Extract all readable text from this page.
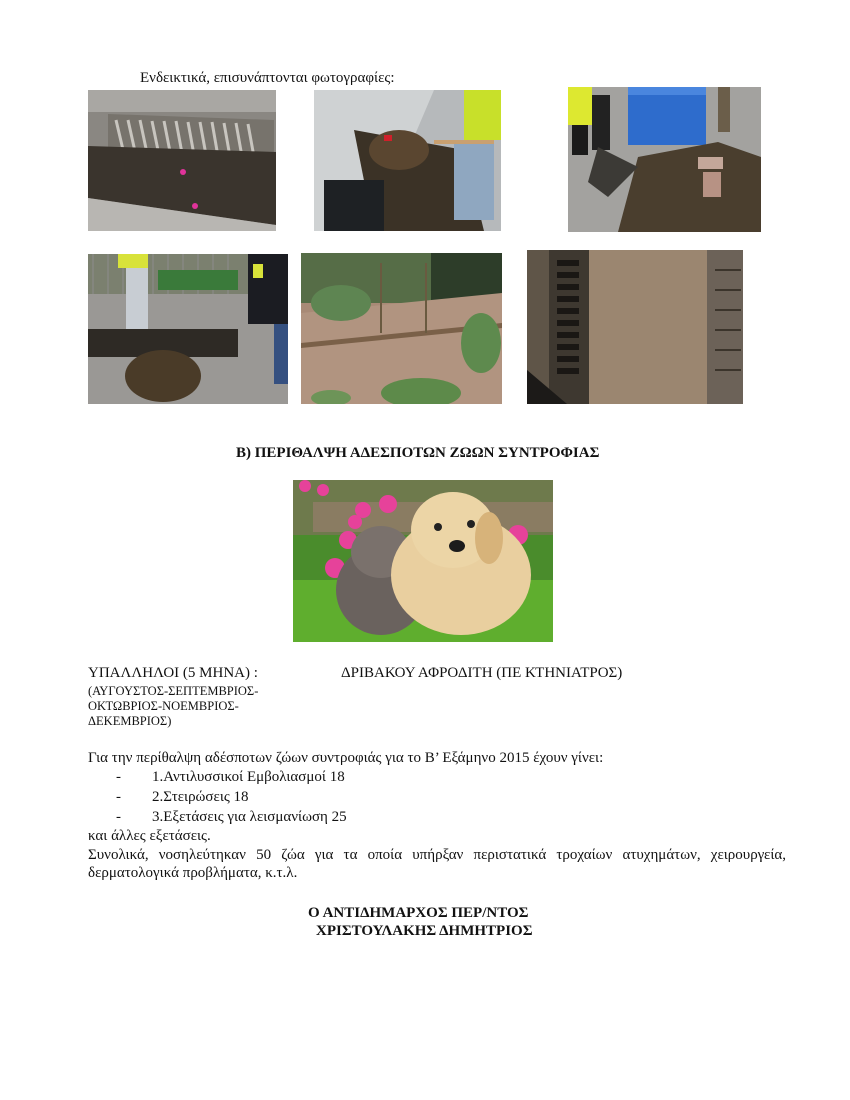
Ενδεικτικά, επισυνάπτονται φωτογραφίες:
Β) ΠΕΡΙΘΑΛΨΗ ΑΔΕΣΠΟΤΩΝ ΖΩΩΝ ΣΥΝΤΡΟΦΙΑΣ
ΥΠΑΛΛΗΛΟΙ (5 ΜΗΝΑ) :
(ΑΥΓΟΥΣΤΟΣ-ΣΕΠΤΕΜΒΡΙΟΣ-
ΟΚΤΩΒΡΙΟΣ-ΝΟΕΜΒΡΙΟΣ-
ΔΕΚΕΜΒΡΙΟΣ)
ΔΡΙΒΑΚΟΥ ΑΦΡΟΔΙΤΗ (ΠΕ ΚΤΗΝΙΑΤΡΟΣ)
Για την περίθαλψη αδέσποτων ζώων συντροφιάς για το Β’ Εξάμηνο 2015 έχουν γίνει:
- 1.Αντιλυσσικοί Εμβολιασμοί 18
- 2.Στειρώσεις 18
- 3.Εξετάσεις για λεισμανίωση 25
και άλλες εξετάσεις.
Συνολικά, νοσηλεύτηκαν 50 ζώα για τα οποία υπήρξαν περιστατικά τροχαίων ατυχημάτων, χειρουργεία, δερματολογικά προβλήματα, κ.τ.λ.
Ο ΑΝΤΙΔΗΜΑΡΧΟΣ ΠΕΡ/ΝΤΟΣ
ΧΡΙΣΤΟΥΛΑΚΗΣ ΔΗΜΗΤΡΙΟΣ
